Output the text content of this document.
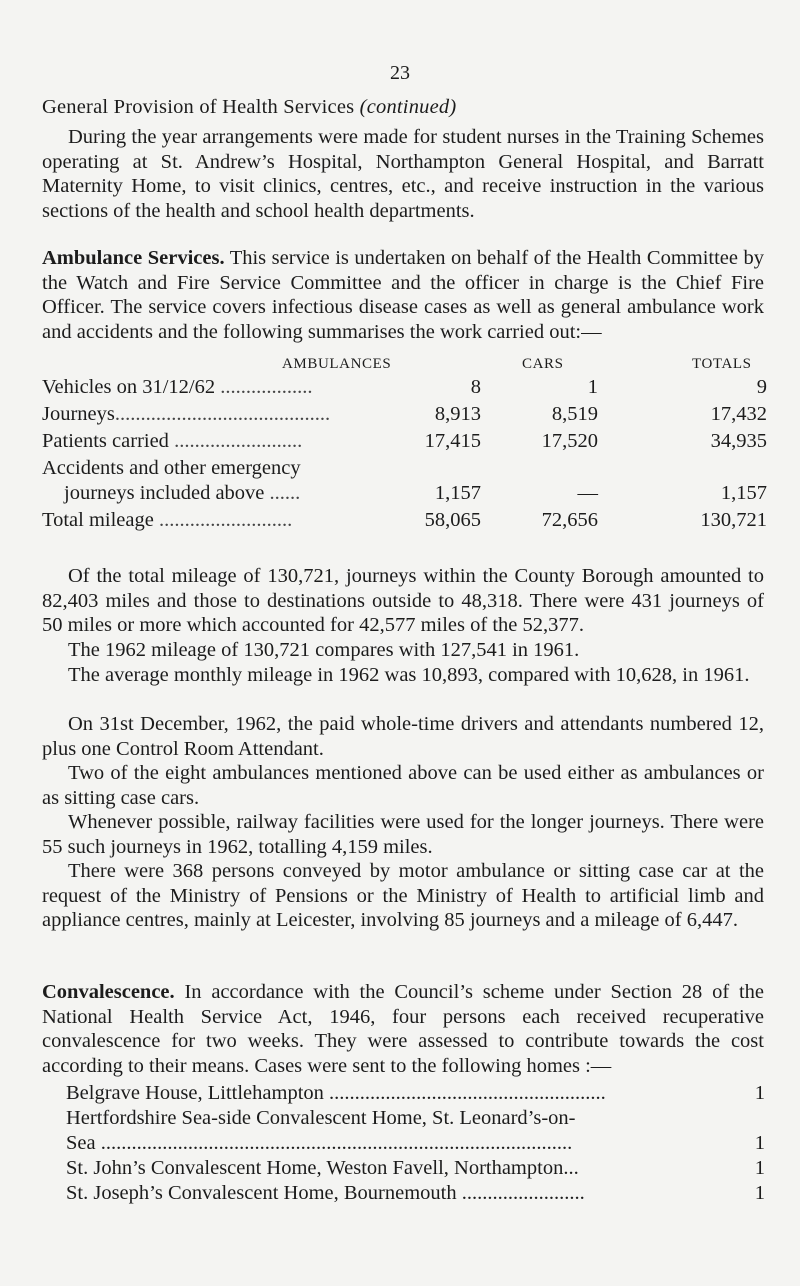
23
General Provision of Health Services (continued)
During the year arrangements were made for student nurses in the Training Schemes operating at St. Andrew’s Hospital, Northampton General Hospital, and Barratt Maternity Home, to visit clinics, centres, etc., and receive instruction in the various sections of the health and school health departments.
Ambulance Services. This service is undertaken on behalf of the Health Committee by the Watch and Fire Service Committee and the officer in charge is the Chief Fire Officer. The service covers infectious disease cases as well as general ambulance work and accidents and the following summarises the work carried out:—
AMBULANCES	CARS	TOTALS
Vehicles on 31/12/62 ..................	8	1	9
Journeys..........................................	8,913	8,519	17,432
Patients carried .........................	17,415	17,520	34,935
Accidents and other emergency
journeys included above ......	1,157	—	1,157
Total mileage ..........................	58,065	72,656	130,721
Of the total mileage of 130,721, journeys within the County Borough amounted to 82,403 miles and those to destinations outside to 48,318. There were 431 journeys of 50 miles or more which accounted for 42,577 miles of the 52,377.
The 1962 mileage of 130,721 compares with 127,541 in 1961.
The average monthly mileage in 1962 was 10,893, compared with 10,628, in 1961.
On 31st December, 1962, the paid whole-time drivers and attendants numbered 12, plus one Control Room Attendant.
Two of the eight ambulances mentioned above can be used either as ambulances or as sitting case cars.
Whenever possible, railway facilities were used for the longer journeys. There were 55 such journeys in 1962, totalling 4,159 miles.
There were 368 persons conveyed by motor ambulance or sitting case car at the request of the Ministry of Pensions or the Ministry of Health to artificial limb and appliance centres, mainly at Leicester, involving 85 journeys and a mileage of 6,447.
Convalescence. In accordance with the Council’s scheme under Section 28 of the National Health Service Act, 1946, four persons each received recuperative convalescence for two weeks. They were assessed to contribute towards the cost according to their means. Cases were sent to the following homes :—
Belgrave House, Littlehampton ......................................................	1
Hertfordshire Sea-side Convalescent Home, St. Leonard’s-on-
Sea ............................................................................................	1
St. John’s Convalescent Home, Weston Favell, Northampton...	1
St. Joseph’s Convalescent Home, Bournemouth ........................	1
